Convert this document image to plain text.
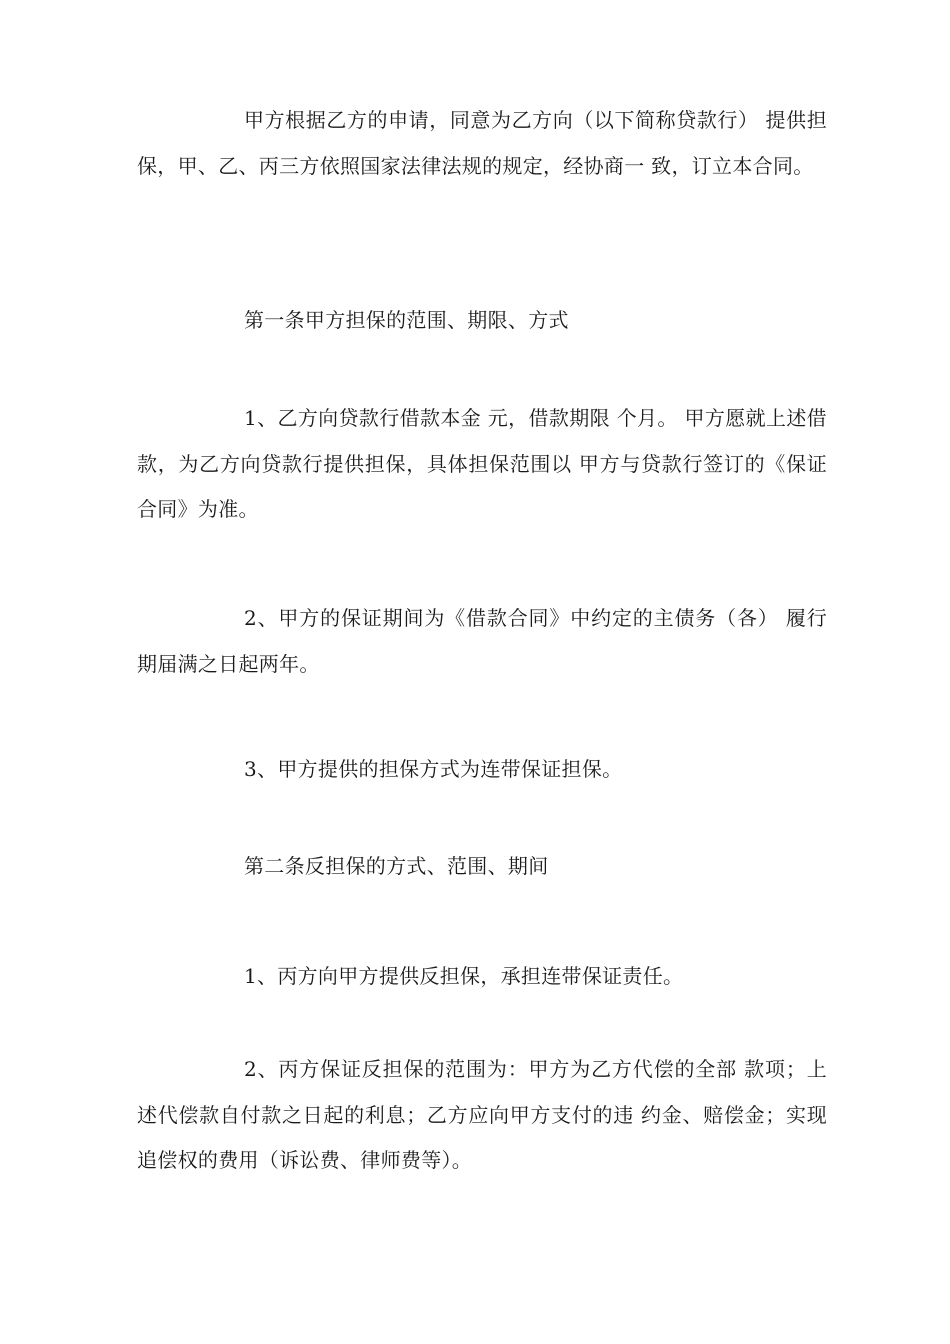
甲方根据乙方的申请，同意为乙方向（以下简称贷款行） 提供担保，甲、乙、丙三方依照国家法律法规的规定，经协商一 致，订立本合同。

第一条甲方担保的范围、期限、方式

1、乙方向贷款行借款本金 元，借款期限 个月。 甲方愿就上述借款，为乙方向贷款行提供担保，具体担保范围以 甲方与贷款行签订的《保证合同》为准。

2、甲方的保证期间为《借款合同》中约定的主债务（各） 履行期届满之日起两年。

3、甲方提供的担保方式为连带保证担保。

第二条反担保的方式、范围、期间

1、丙方向甲方提供反担保，承担连带保证责任。

2、丙方保证反担保的范围为：甲方为乙方代偿的全部 款项；上述代偿款自付款之日起的利息；乙方应向甲方支付的违 约金、赔偿金；实现追偿权的费用（诉讼费、律师费等）。
